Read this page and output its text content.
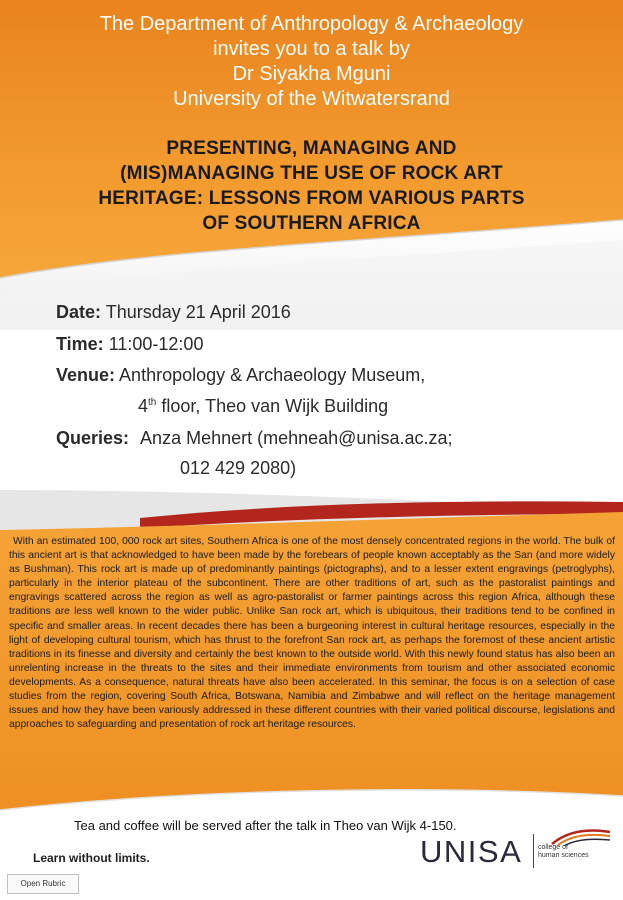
The Department of Anthropology & Archaeology
invites you to a talk by
Dr Siyakha Mguni
University of the Witwatersrand
PRESENTING, MANAGING AND
(MIS)MANAGING THE USE OF ROCK ART
HERITAGE: LESSONS FROM VARIOUS PARTS
OF SOUTHERN AFRICA
Date: Thursday 21 April 2016
Time: 11:00-12:00
Venue: Anthropology & Archaeology Museum,
4th floor, Theo van Wijk Building
Queries: Anza Mehnert (mehneah@unisa.ac.za;
012 429 2080)

With an estimated 100, 000 rock art sites, Southern Africa is one of the most densely concentrated regions in the world. The bulk of this ancient art is that acknowledged to have been made by the forebears of people known acceptably as the San (and more widely as Bushman). This rock art is made up of predominantly paintings (pictographs), and to a lesser extent engravings (petroglyphs), particularly in the interior plateau of the subcontinent. There are other traditions of art, such as the pastoralist paintings and engravings scattered across the region as well as agro-pastoralist or farmer paintings across this region Africa, although these traditions are less well known to the wider public. Unlike San rock art, which is ubiquitous, their traditions tend to be confined in specific and smaller areas. In recent decades there has been a burgeoning interest in cultural heritage resources, especially in the light of developing cultural tourism, which has thrust to the forefront San rock art, as perhaps the foremost of these ancient artistic traditions in its finesse and diversity and certainly the best known to the outside world. With this newly found status has also been an unrelenting increase in the threats to the sites and their immediate environments from tourism and other associated economic developments. As a consequence, natural threats have also been accelerated. In this seminar, the focus is on a selection of case studies from the region, covering South Africa, Botswana, Namibia and Zimbabwe and will reflect on the heritage management issues and how they have been variously addressed in these different countries with their varied political discourse, legislations and approaches to safeguarding and presentation of rock art heritage resources.

Tea and coffee will be served after the talk in Theo van Wijk 4-150.
Learn without limits.	UNISA college of
human sciences
Open Rubric
